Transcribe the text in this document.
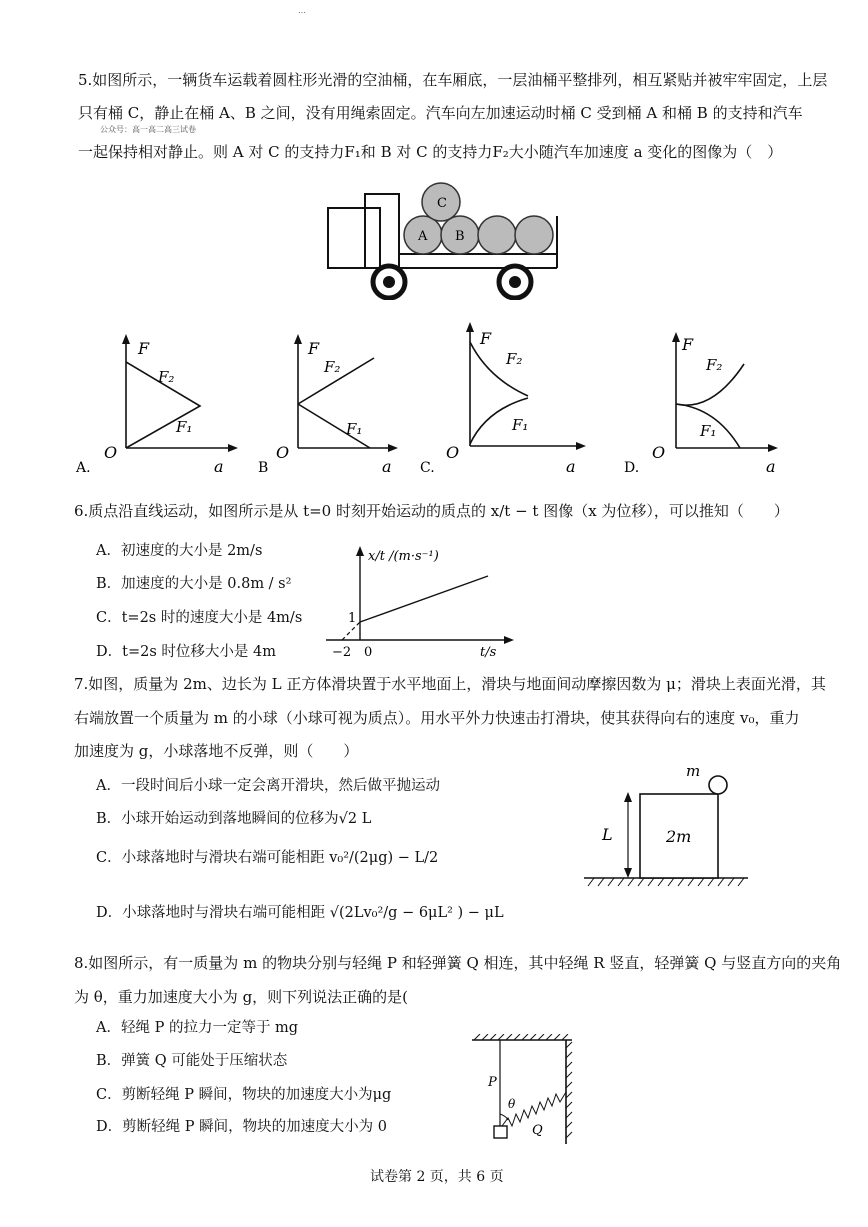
…
5.如图所示，一辆货车运载着圆柱形光滑的空油桶，在车厢底，一层油桶平整排列，相互紧贴并被牢牢固定，上层
只有桶 C，静止在桶 A、B 之间，没有用绳索固定。汽车向左加速运动时桶 C 受到桶 A 和桶 B 的支持和汽车
公众号：高一高二高三试卷
一起保持相对静止。则 A 对 C 的支持力F₁和 B 对 C 的支持力F₂大小随汽车加速度 a 变化的图像为（　）
C
A B
F
F₂
F₁
O
a
A.
F
F₂
F₁
O
a
B
F
F₂
F₁
O
a
C.
F
F₂
F₁
O
a
D.
6.质点沿直线运动，如图所示是从 t=0 时刻开始运动的质点的 x/t − t 图像（x 为位移），可以推知（　　）
A．初速度的大小是 2m/s
B．加速度的大小是 0.8m / s²
C．t=2s 时的速度大小是 4m/s
D．t=2s 时位移大小是 4m
x/t /(m·s⁻¹)
1
−2 0	t/s
7.如图，质量为 2m、边长为 L 正方体滑块置于水平地面上，滑块与地面间动摩擦因数为 μ；滑块上表面光滑，其
右端放置一个质量为 m 的小球（小球可视为质点）。用水平外力快速击打滑块，使其获得向右的速度 v₀，重力
加速度为 g，小球落地不反弹，则（　　）
A．一段时间后小球一定会离开滑块，然后做平抛运动
B．小球开始运动到落地瞬间的位移为√2 L
C．小球落地时与滑块右端可能相距 v₀²/(2μg) − L/2
D．小球落地时与滑块右端可能相距 √(2Lv₀²/g − 6μL² ) − μL
m
2m
L
8.如图所示，有一质量为 m 的物块分别与轻绳 P 和轻弹簧 Q 相连，其中轻绳 R 竖直，轻弹簧 Q 与竖直方向的夹角
为 θ，重力加速度大小为 g，则下列说法正确的是(
A．轻绳 P 的拉力一定等于 mg
B．弹簧 Q 可能处于压缩状态
C．剪断轻绳 P 瞬间，物块的加速度大小为μg
D．剪断轻绳 P 瞬间，物块的加速度大小为 0
P
θ
Q
试卷第 2 页，共 6 页
